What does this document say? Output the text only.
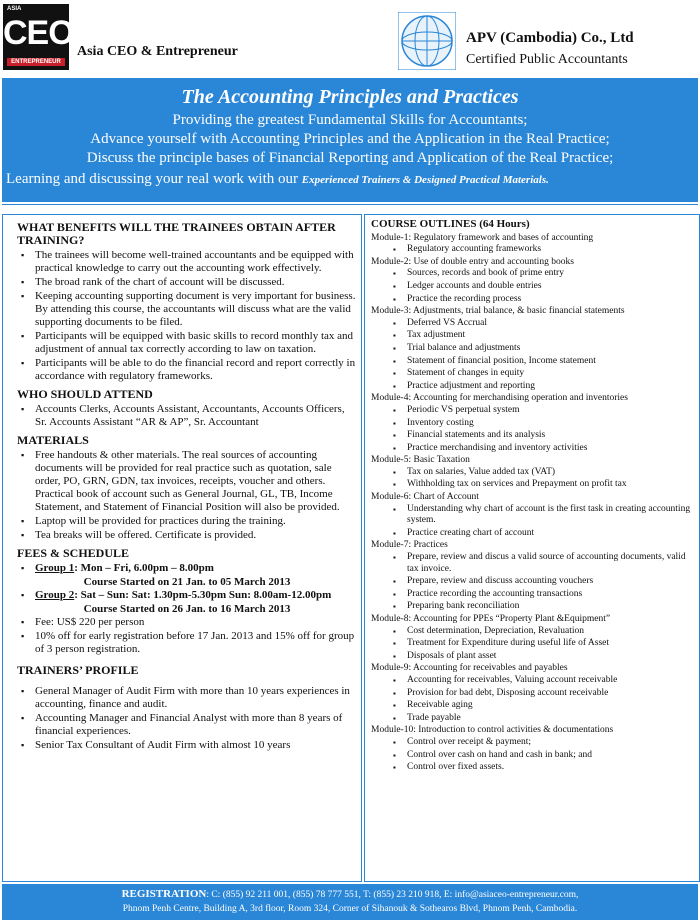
ASIA
CEO
ENTREPRENEUR
Asia CEO & Entrepreneur
APV (Cambodia) Co., Ltd
Certified Public Accountants
The Accounting Principles and Practices
Providing the greatest Fundamental Skills for Accountants;
Advance yourself with Accounting Principles and the Application in the Real Practice;
Discuss the principle bases of Financial Reporting and Application of the Real Practice;
Learning and discussing your real work with our Experienced Trainers & Designed Practical Materials.
WHAT BENEFITS WILL THE TRAINEES OBTAIN AFTER TRAINING?
▪ The trainees will become well-trained accountants and be equipped with practical knowledge to carry out the accounting work effectively.
▪ The broad rank of the chart of account will be discussed.
▪ Keeping accounting supporting document is very important for business. By attending this course, the accountants will discuss what are the valid supporting documents to be filed.
▪ Participants will be equipped with basic skills to record monthly tax and adjustment of annual tax correctly according to law on taxation.
▪ Participants will be able to do the financial record and report correctly in accordance with regulatory frameworks.
WHO SHOULD ATTEND
▪ Accounts Clerks, Accounts Assistant, Accountants, Accounts Officers, Sr. Accounts Assistant “AR & AP”, Sr. Accountant
MATERIALS
▪ Free handouts & other materials. The real sources of accounting documents will be provided for real practice such as quotation, sale order, PO, GRN, GDN, tax invoices, receipts, voucher and others. Practical book of account such as General Journal, GL, TB, Income Statement, and Statement of Financial Position will also be provided.
▪ Laptop will be provided for practices during the training.
▪ Tea breaks will be offered. Certificate is provided.
FEES & SCHEDULE
▪ Group 1: Mon – Fri, 6.00pm – 8.00pm
Course Started on 21 Jan. to 05 March 2013
▪ Group 2: Sat – Sun: Sat: 1.30pm-5.30pm Sun: 8.00am-12.00pm
Course Started on 26 Jan. to 16 March 2013
▪ Fee: US$ 220 per person
▪ 10% off for early registration before 17 Jan. 2013 and 15% off for group of 3 person registration.
TRAINERS’ PROFILE
▪ General Manager of Audit Firm with more than 10 years experiences in accounting, finance and audit.
▪ Accounting Manager and Financial Analyst with more than 8 years of financial experiences.
▪ Senior Tax Consultant of Audit Firm with almost 10 years
COURSE OUTLINES (64 Hours)
Module-1: Regulatory framework and bases of accounting
▪ Regulatory accounting frameworks
Module-2: Use of double entry and accounting books
▪ Sources, records and book of prime entry
▪ Ledger accounts and double entries
▪ Practice the recording process
Module-3: Adjustments, trial balance, & basic financial statements
▪ Deferred VS Accrual
▪ Tax adjustment
▪ Trial balance and adjustments
▪ Statement of financial position, Income statement
▪ Statement of changes in equity
▪ Practice adjustment and reporting
Module-4: Accounting for merchandising operation and inventories
▪ Periodic VS perpetual system
▪ Inventory costing
▪ Financial statements and its analysis
▪ Practice merchandising and inventory activities
Module-5: Basic Taxation
▪ Tax on salaries, Value added tax (VAT)
▪ Withholding tax on services and Prepayment on profit tax
Module-6: Chart of Account
▪ Understanding why chart of account is the first task in creating accounting system.
▪ Practice creating chart of account
Module-7: Practices
▪ Prepare, review and discus a valid source of accounting documents, valid tax invoice.
▪ Prepare, review and discuss accounting vouchers
▪ Practice recording the accounting transactions
▪ Preparing bank reconciliation
Module-8: Accounting for PPEs “Property Plant &Equipment”
▪ Cost determination, Depreciation, Revaluation
▪ Treatment for Expenditure during useful life of Asset
▪ Disposals of plant asset
Module-9: Accounting for receivables and payables
▪ Accounting for receivables, Valuing account receivable
▪ Provision for bad debt, Disposing account receivable
▪ Receivable aging
▪ Trade payable
Module-10: Introduction to control activities & documentations
▪ Control over receipt & payment;
▪ Control over cash on hand and cash in bank; and
▪ Control over fixed assets.
REGISTRATION: C: (855) 92 211 001, (855) 78 777 551, T: (855) 23 210 918, E: info@asiaceo-entrepreneur.com,
Phnom Penh Centre, Building A, 3rd floor, Room 324, Corner of Sihanouk & Sothearos Blvd, Phnom Penh, Cambodia.
